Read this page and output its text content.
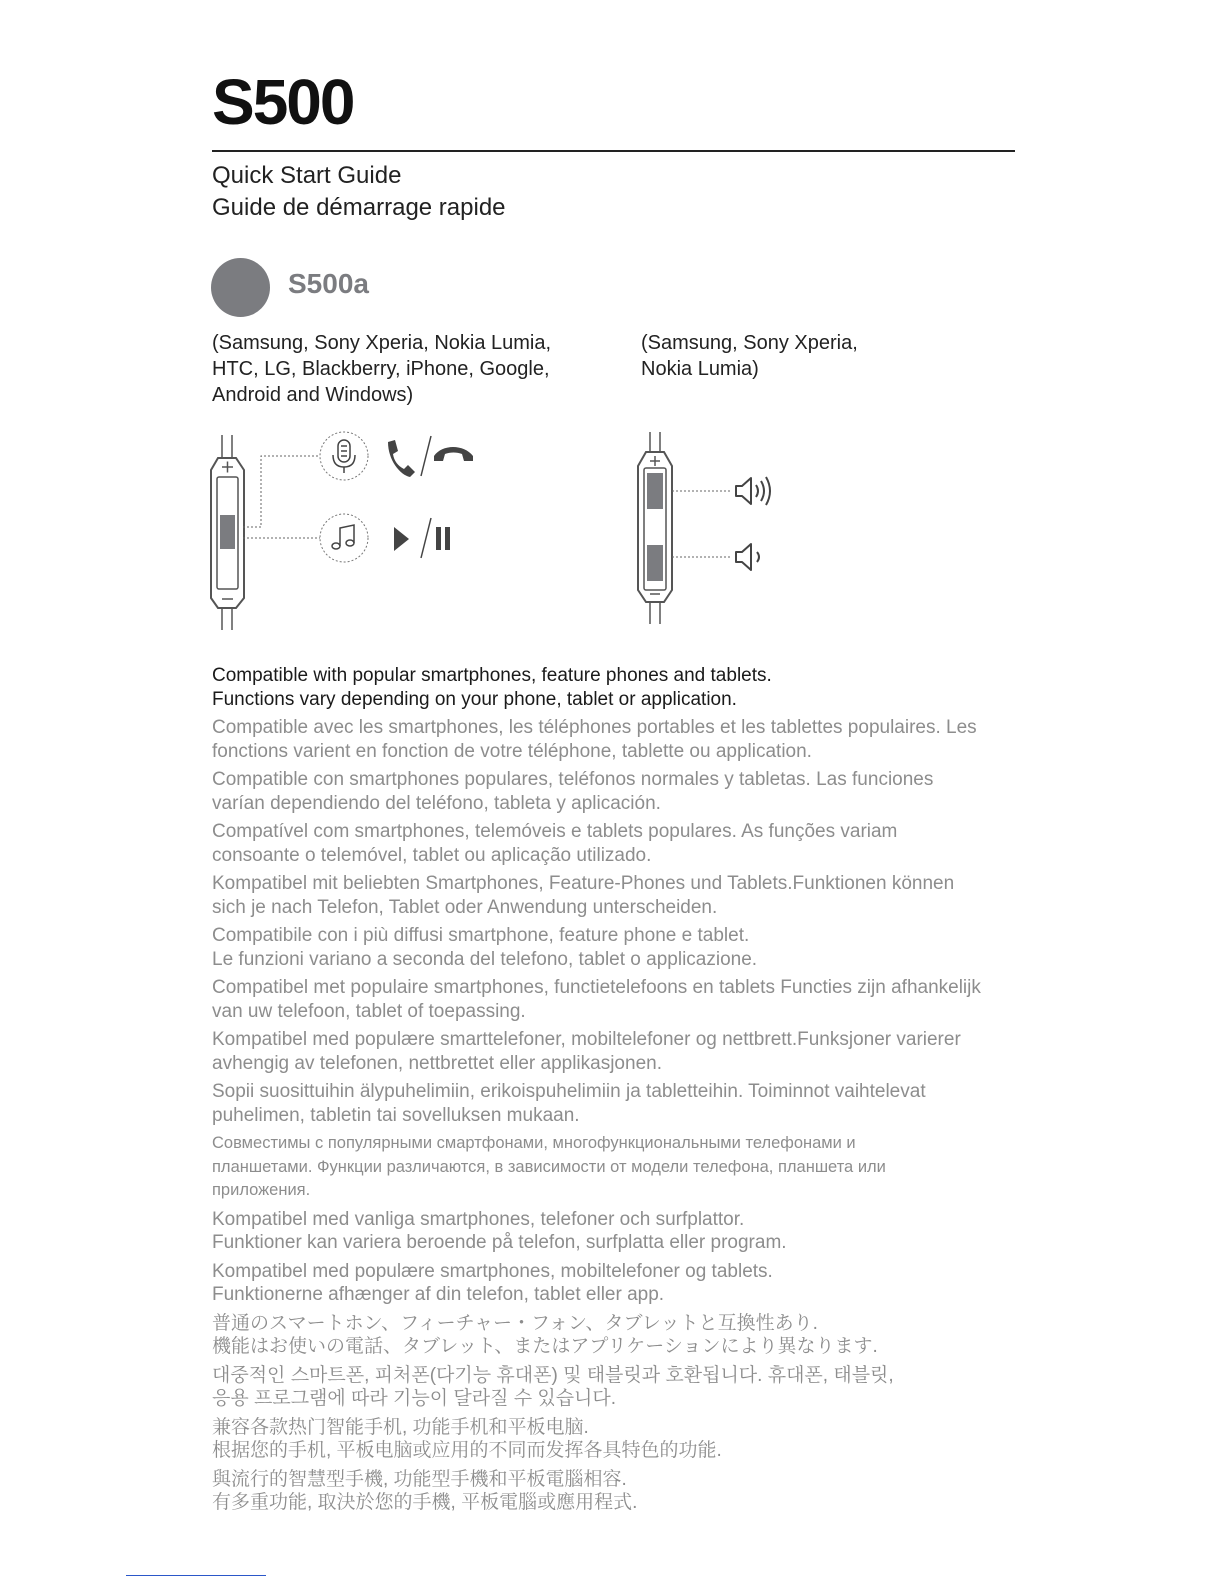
S500
Quick Start Guide
Guide de démarrage rapide
S500a
(Samsung, Sony Xperia, Nokia Lumia,
HTC, LG, Blackberry, iPhone, Google,
Android and Windows)
(Samsung, Sony Xperia,
Nokia Lumia)

Compatible with popular smartphones, feature phones and tablets.
Functions vary depending on your phone, tablet or application.

Compatible avec les smartphones, les téléphones portables et les tablettes populaires. Les
fonctions varient en fonction de votre téléphone, tablette ou application.

Compatible con smartphones populares, teléfonos normales y tabletas. Las funciones
varían dependiendo del teléfono, tableta y aplicación.

Compatível com smartphones, telemóveis e tablets populares. As funções variam
consoante o telemóvel, tablet ou aplicação utilizado.

Kompatibel mit beliebten Smartphones, Feature-Phones und Tablets.Funktionen können
sich je nach Telefon, Tablet oder Anwendung unterscheiden.

Compatibile con i più diffusi smartphone, feature phone e tablet.
Le funzioni variano a seconda del telefono, tablet o applicazione.

Compatibel met populaire smartphones, functietelefoons en tablets Functies zijn afhankelijk
van uw telefoon, tablet of toepassing.

Kompatibel med populære smarttelefoner, mobiltelefoner og nettbrett.Funksjoner varierer
avhengig av telefonen, nettbrettet eller applikasjonen.

Sopii suosittuihin älypuhelimiin, erikoispuhelimiin ja tabletteihin. Toiminnot vaihtelevat
puhelimen, tabletin tai sovelluksen mukaan.

Совместимы с популярными смартфонами, многофункциональными телефонами и
планшетами. Функции различаются, в зависимости от модели телефона, планшета или
приложения.

Kompatibel med vanliga smartphones, telefoner och surfplattor.
Funktioner kan variera beroende på telefon, surfplatta eller program.

Kompatibel med populære smartphones, mobiltelefoner og tablets.
Funktionerne afhænger af din telefon, tablet eller app.

普通のスマートホン、フィーチャー・フォン、タブレットと互換性あり.
機能はお使いの電話、タブレット、またはアプリケーションにより異なります.

대중적인 스마트폰, 피처폰(다기능 휴대폰) 및 태블릿과 호환됩니다. 휴대폰, 태블릿,
응용 프로그램에 따라 기능이 달라질 수 있습니다.

兼容各款热门智能手机, 功能手机和平板电脑.
根据您的手机, 平板电脑或应用的不同而发挥各具特色的功能.

與流行的智慧型手機, 功能型手機和平板電腦相容.
有多重功能, 取決於您的手機, 平板電腦或應用程式.
